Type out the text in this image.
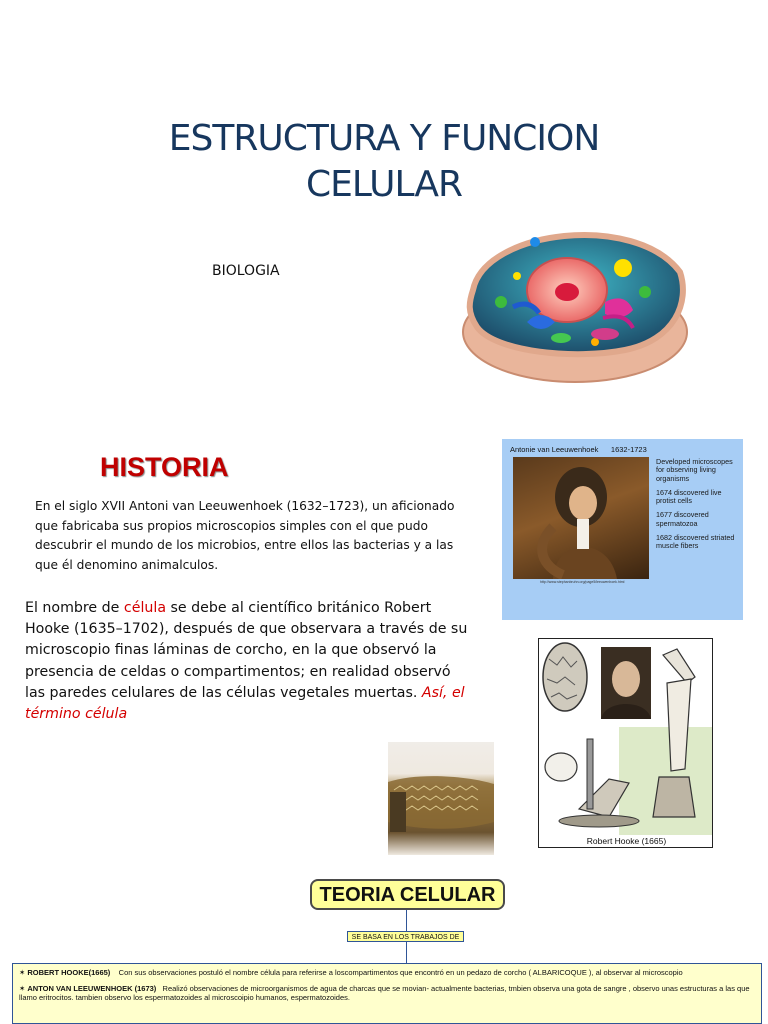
ESTRUCTURA Y FUNCION
CELULAR
BIOLOGIA
HISTORIA
En el siglo XVII Antoni van Leeuwenhoek (1632–1723), un aficionado que fabricaba sus propios microscopios simples con el que pudo descubrir el mundo de los microbios, entre ellos las bacterias y a las que él denomino animalculos.
El nombre de célula se debe al científico británico Robert Hooke (1635–1702), después de que observara a través de su microscopio finas láminas de corcho, en la que observó la presencia de celdas o compartimentos; en realidad observó las paredes celulares de las células vegetales muertas. Así, el término célula
Antonie van Leeuwenhoek      1632-1723

Developed microscopes for observing living organisms

1674 discovered live protist cells

1677 discovered spermatozoa

1682 discovered striated muscle fibers

http://www.stephanbruhn.org/page5/leeuwenhoek.html
Robert Hooke (1665)
TEORIA CELULAR
SE BASA EN LOS TRABAJOS DE
✶ ROBERT HOOKE(1665) Con sus observaciones postuló el nombre célula para referirse a loscompartimentos que encontró en un pedazo de corcho ( ALBARICOQUE ), al observar al microscopio
✶ ANTON VAN LEEUWENHOEK (1673) Realizó observaciones de microorganismos de agua de charcas que se movian- actualmente bacterias, tmbien observa una gota de sangre , observo unas estructuras a las que llamo eritrocitos. tambien observo los espermatozoides al microscoipio humanos, espermatozoides.
